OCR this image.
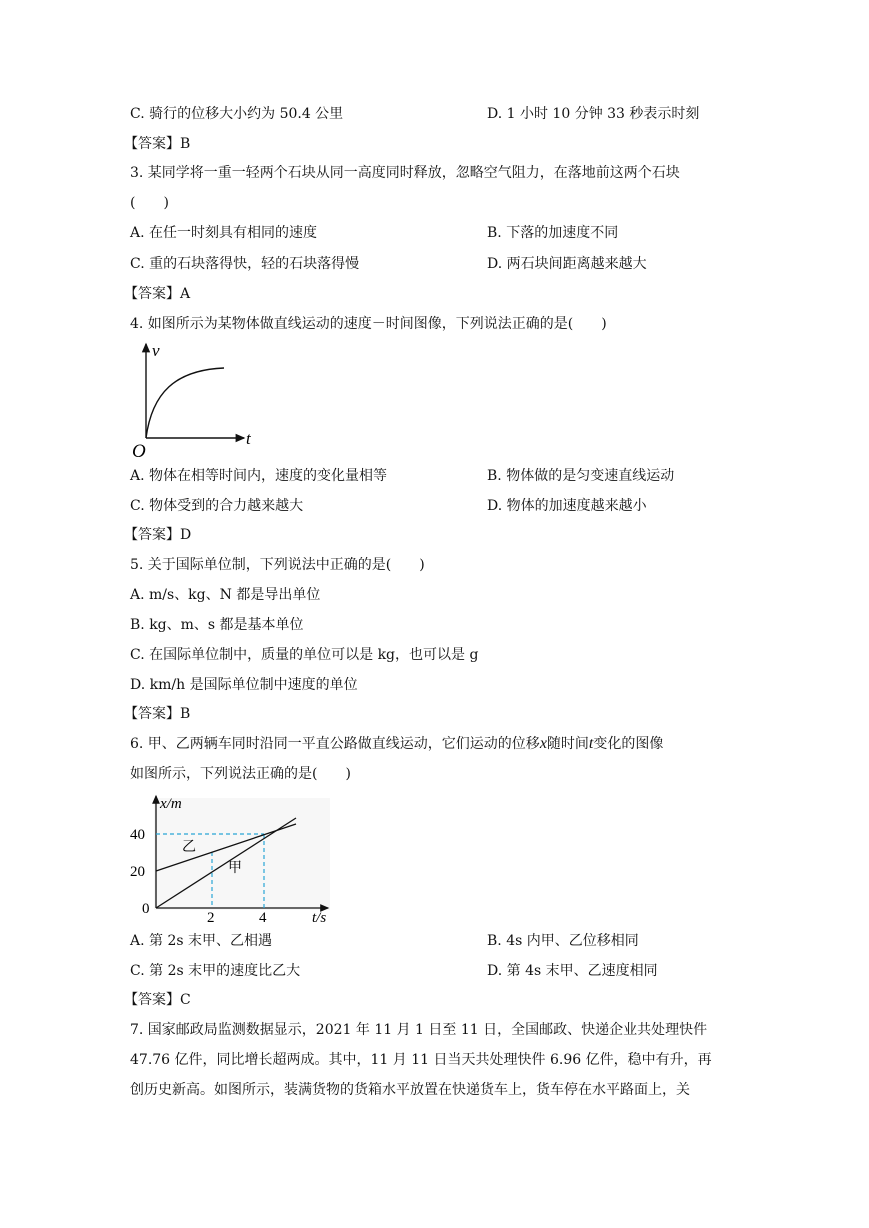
C. 骑行的位移大小约为 50.4 公里	D. 1 小时 10 分钟 33 秒表示时刻
【答案】B
3. 某同学将一重一轻两个石块从同一高度同时释放，忽略空气阻力，在落地前这两个石块
(　　)
A. 在任一时刻具有相同的速度	B. 下落的加速度不同
C. 重的石块落得快，轻的石块落得慢	D. 两石块间距离越来越大
【答案】A
4. 如图所示为某物体做直线运动的速度－时间图像，下列说法正确的是(　　)
v
t
O
A. 物体在相等时间内，速度的变化量相等	B. 物体做的是匀变速直线运动
C. 物体受到的合力越来越大	D. 物体的加速度越来越小
【答案】D
5. 关于国际单位制，下列说法中正确的是(　　)
A. m/s、kg、N 都是导出单位
B. kg、m、s 都是基本单位
C. 在国际单位制中，质量的单位可以是 kg，也可以是 g
D. km/h 是国际单位制中速度的单位
【答案】B
6. 甲、乙两辆车同时沿同一平直公路做直线运动，它们运动的位移x随时间t变化的图像
如图所示，下列说法正确的是(　　)
x/m
t/s
40
20
0
2	4
乙
甲
A. 第 2s 末甲、乙相遇	B. 4s 内甲、乙位移相同
C. 第 2s 末甲的速度比乙大	D. 第 4s 末甲、乙速度相同
【答案】C
7. 国家邮政局监测数据显示，2021 年 11 月 1 日至 11 日，全国邮政、快递企业共处理快件
47.76 亿件，同比增长超两成。其中，11 月 11 日当天共处理快件 6.96 亿件，稳中有升，再
创历史新高。如图所示，装满货物的货箱水平放置在快递货车上，货车停在水平路面上，关
